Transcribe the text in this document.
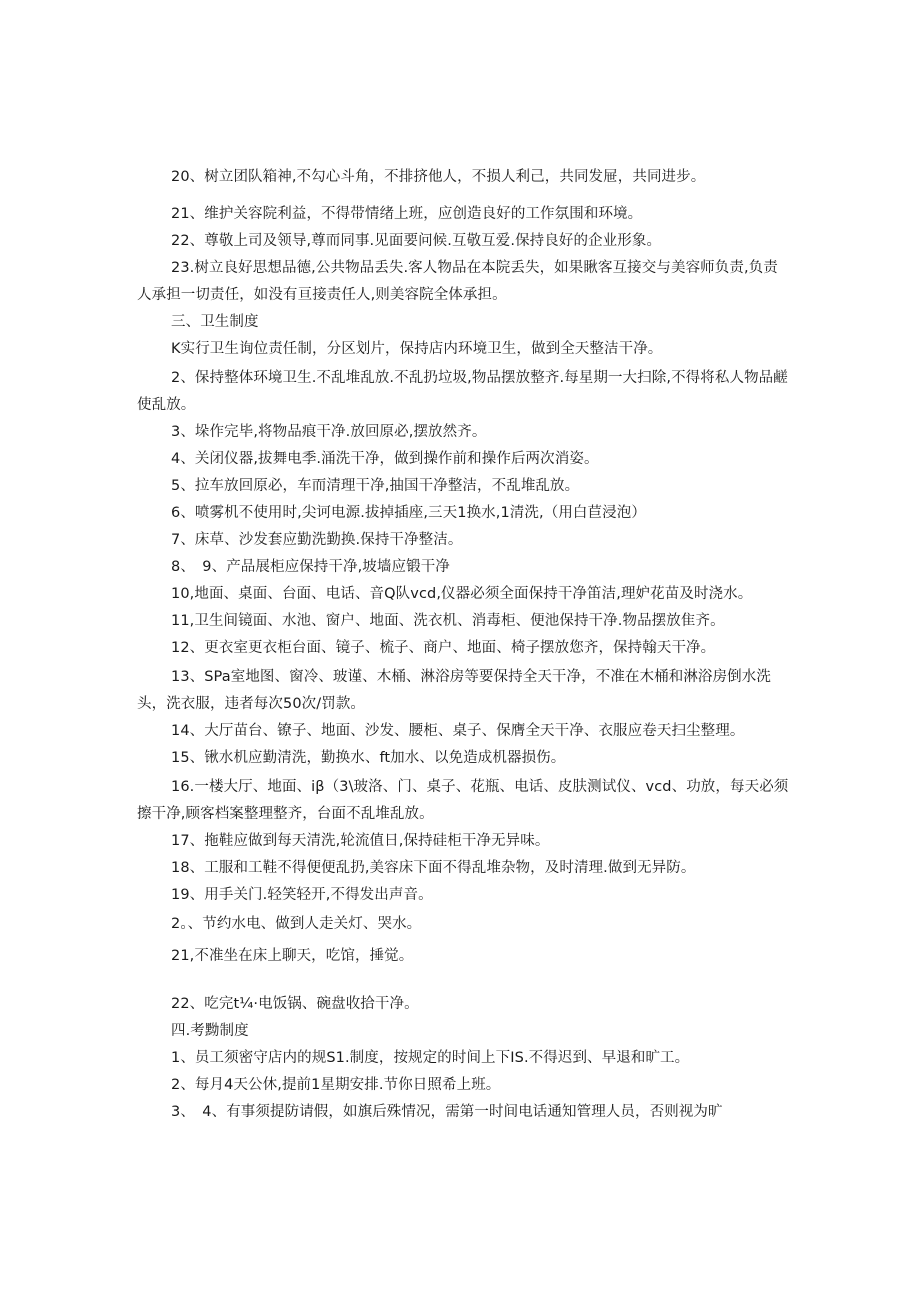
20、树立团队箱神,不勾心斗角，不排挤他人，不损人利己，共同发屉，共同进步。
21、维护关容院利益，不得带情绪上班，应创造良好的工作氛围和环境。
22、尊敬上司及领导,尊而同事.见面要问候.互敬互爱.保持良好的企业形象。
23.树立良好思想品德,公共物品丢失.客人物品在本院丢失，如果瞅客互接交与美容师负责,负责
人承担一切责任，如没有亘接责任人,则美容院全体承担。
三、卫生制度
K实行卫生询位责任制，分区划片，保持店内环境卫生，做到全天整洁干净。
2、保持整体环境卫生.不乱堆乱放.不乱扔垃圾,物品摆放整齐.每星期一大扫除,不得将私人物品鹺
使乱放。
3、垛作完毕,将物品痕干净.放回原必,摆放然齐。
4、关闭仪器,拔舞电季.涌洗干净，做到操作前和操作后两次消姿。
5、拉车放回原必，车而清理干净,抽国干净整洁，不乱堆乱放。
6、喷雾机不使用时,尖诃电源.拔掉插座,三天1换水,1清洗,（用白苣浸泡）
7、床草、沙发套应勤洗勤换.保持干净整洁。
8、　9、产品展柜应保持干净,坡墙应锻干净
10,地面、桌面、台面、电话、音Q队vcd,仪器必须全面保持干净笛洁,理妒花苗及时浇水。
11,卫生间镜面、水池、窗户、地面、洗衣机、消毒柜、便池保持干净.物品摆放隹齐。
12、更衣室更衣柜台面、镜子、梳子、商户、地面、椅子摆放您齐，保持翰天干净。
13、SPa室地图、窗冷、玻谨、木桶、淋浴房等要保持全天干净，不准在木桶和淋浴房倒水洗
头，洗衣服，违者每次50次/罚款。
14、大厅苗台、镣子、地面、沙发、腰柜、桌子、保膺全天干净、衣服应卷天扫尘整理。
15、锹水机应勤清洗，勤换水、ft加水、以免造成机器损伤。
16.一楼大厅、地面、iβ（3\玻洛、门、桌子、花瓶、电话、皮肤测试仪、vcd、功放，每天必须
擦干净,顾客档案整理整齐，台面不乱堆乱放。
17、拖鞋应做到每天清洗,轮流值日,保持硅柜干净无异味。
18、工服和工鞋不得便便乱扔,美容床下面不得乱堆杂物，及时清理.做到无异防。
19、用手关门.轻笑轻开,不得发出声音。
2。、节约水电、做到人走关灯、哭水。
21,不准坐在床上聊天，吃馆，捶觉。
22、吃完t¼·电饭锅、碗盘收拾干净。
四.考黝制度
1、员工须密守店内的规S1.制度，按规定的时间上下IS.不得迟到、早退和旷工。
2、每月4天公休,提前1星期安排.节你日照希上班。
3、　4、有事须提防请假，如旗后殊情况，需第一时间电话通知管理人员，否则视为旷
